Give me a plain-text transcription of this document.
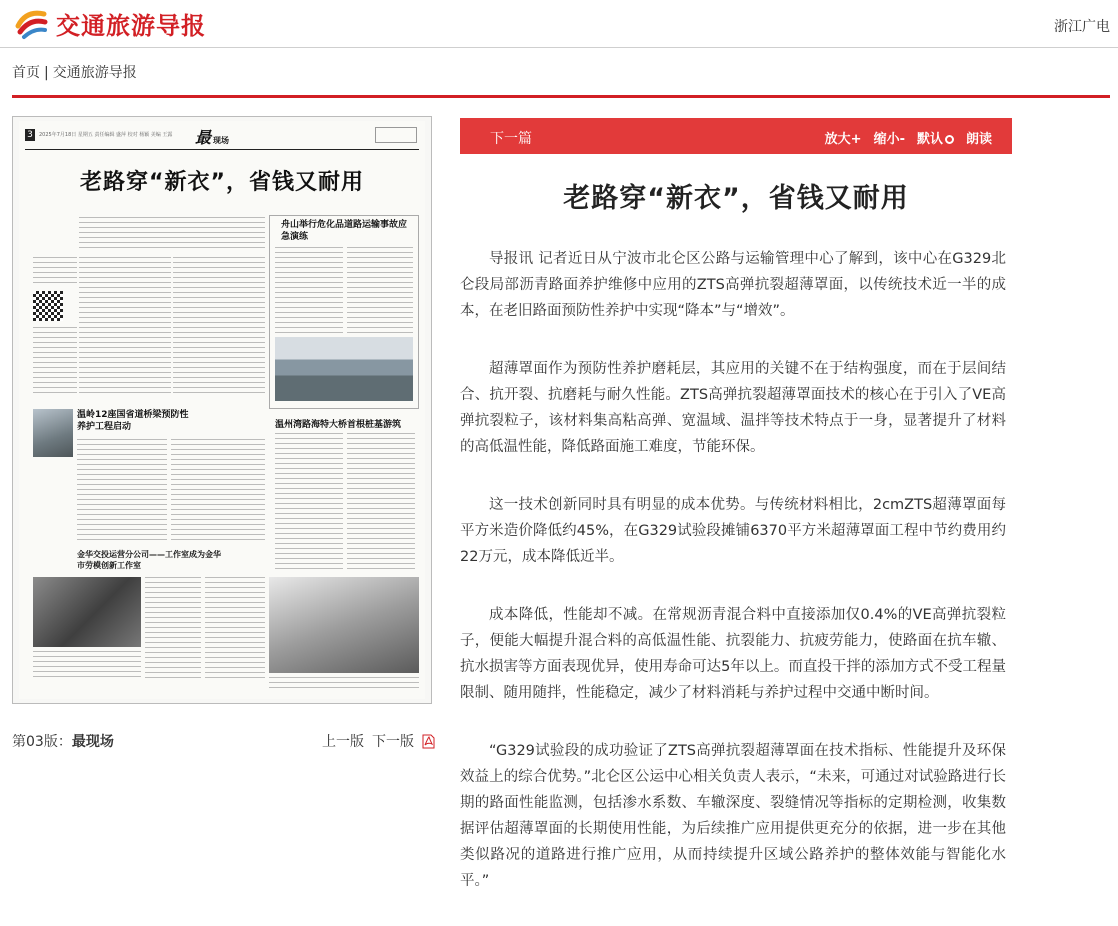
交通旅游导报	浙江广电
首页 | 交通旅游导报
3	2025年7月18日 星期五 责任编辑 盛萍 校对 杨颖 美编 王露 最现场
老路穿“新衣”，省钱又耐用
舟山举行危化品道路运输事故应急演练
温岭12座国省道桥梁预防性养护工程启动	温州湾路海特大桥首根桩基游筑
金华交投运营分公司——工作室成为金华市劳模创新工作室
第03版：最现场	上一版 下一版
下一篇	放大+ 缩小- 默认	朗读
老路穿“新衣”，省钱又耐用

导报讯 记者近日从宁波市北仑区公路与运输管理中心了解到，该中心在G329北仑段局部沥青路面养护维修中应用的ZTS高弹抗裂超薄罩面，以传统技术近一半的成本，在老旧路面预防性养护中实现“降本”与“增效”。

超薄罩面作为预防性养护磨耗层，其应用的关键不在于结构强度，而在于层间结合、抗开裂、抗磨耗与耐久性能。ZTS高弹抗裂超薄罩面技术的核心在于引入了VE高弹抗裂粒子，该材料集高粘高弹、宽温域、温拌等技术特点于一身，显著提升了材料的高低温性能，降低路面施工难度，节能环保。

这一技术创新同时具有明显的成本优势。与传统材料相比，2cmZTS超薄罩面每平方米造价降低约45%，在G329试验段摊铺6370平方米超薄罩面工程中节约费用约22万元，成本降低近半。

成本降低，性能却不减。在常规沥青混合料中直接添加仅0.4%的VE高弹抗裂粒子，便能大幅提升混合料的高低温性能、抗裂能力、抗疲劳能力，使路面在抗车辙、抗水损害等方面表现优异，使用寿命可达5年以上。而直投干拌的添加方式不受工程量限制、随用随拌，性能稳定，减少了材料消耗与养护过程中交通中断时间。

“G329试验段的成功验证了ZTS高弹抗裂超薄罩面在技术指标、性能提升及环保效益上的综合优势。”北仑区公运中心相关负责人表示，“未来，可通过对试验路进行长期的路面性能监测，包括渗水系数、车辙深度、裂缝情况等指标的定期检测，收集数据评估超薄罩面的长期使用性能，为后续推广应用提供更充分的依据，进一步在其他类似路况的道路进行推广应用，从而持续提升区域公路养护的整体效能与智能化水平。”
